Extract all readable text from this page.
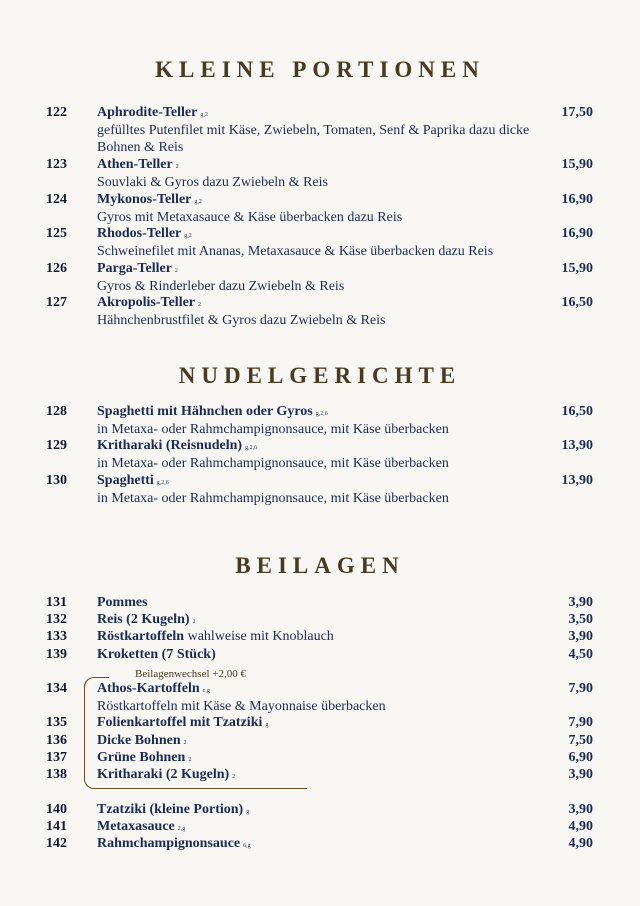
KLEINE PORTIONEN
NUDELGERICHTE
BEILAGEN
122 Aphrodite-Teller g,2	17,50
gefülltes Putenfilet mit Käse, Zwiebeln, Tomaten, Senf & Paprika dazu dicke Bohnen & Reis
123 Athen-Teller 2	15,90
Souvlaki & Gyros dazu Zwiebeln & Reis
124 Mykonos-Teller g,2	16,90
Gyros mit Metaxasauce & Käse überbacken dazu Reis
125 Rhodos-Teller g,2	16,90
Schweinefilet mit Ananas, Metaxasauce & Käse überbacken dazu Reis
126 Parga-Teller 2	15,90
Gyros & Rinderleber dazu Zwiebeln & Reis
127 Akropolis-Teller 2	16,50
Hähnchenbrustfilet & Gyros dazu Zwiebeln & Reis
128 Spaghetti mit Hähnchen oder Gyros g,2,6	16,50
in Metaxa- oder Rahmchampignonsauce, mit Käse überbacken
129 Kritharaki (Reisnudeln) g,2,6	13,90
in Metaxa- oder Rahmchampignonsauce, mit Käse überbacken
130 Spaghetti g,2,6	13,90
in Metaxa- oder Rahmchampignonsauce, mit Käse überbacken
131 Pommes	3,90
132 Reis (2 Kugeln) 2	3,50
133 Röstkartoffeln wahlweise mit Knoblauch	3,90
139 Kroketten (7 Stück)	4,50
134 Athos-Kartoffeln c,g	7,90
Röstkartoffeln mit Käse & Mayonnaise überbacken
135 Folienkartoffel mit Tzatziki g	7,90
136 Dicke Bohnen 2	7,50
137 Grüne Bohnen 2	6,90
138 Kritharaki (2 Kugeln) 2	3,90
140 Tzatziki (kleine Portion) g	3,90
141 Metaxasauce 2,g	4,90
142 Rahmchampignonsauce 6,g	4,90
Beilagenwechsel +2,00 €
